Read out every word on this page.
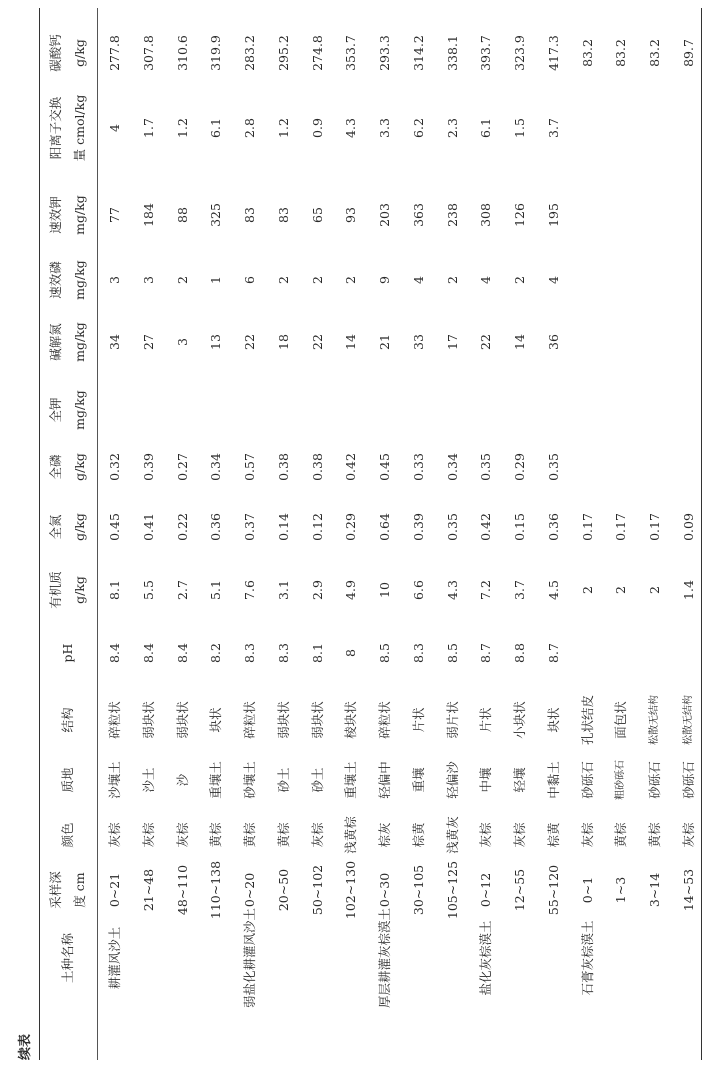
续表
土种名称
采样深 度 cm
颜色
质地
结构
pH
有机质 g/kg
全氮 g/kg
全磷 g/kg
全钾 mg/kg
碱解氮 mg/kg
速效磷 mg/kg
速效钾 mg/kg
阳离子交换 量 cmol/kg
碳酸钙 g/kg
耕灌风沙土
0~21
灰棕
沙壤土
碎粒状
8.4
8.1
0.45
0.32
34
3
77
4
277.8
21~48
灰棕
沙土
弱块状
8.4
5.5
0.41
0.39
27
3
184
1.7
307.8
48~110
灰棕
沙
弱块状
8.4
2.7
0.22
0.27
3
2
88
1.2
310.6
110~138
黄棕
重壤土
块状
8.2
5.1
0.36
0.34
13
1
325
6.1
319.9
弱盐化耕灌风沙土
0~20
黄棕
砂壤土
碎粒状
8.3
7.6
0.37
0.57
22
6
83
2.8
283.2
20~50
黄棕
砂土
弱块状
8.3
3.1
0.14
0.38
18
2
83
1.2
295.2
50~102
灰棕
砂土
弱块状
8.1
2.9
0.12
0.38
22
2
65
0.9
274.8
102~130
浅黄棕
重壤土
棱块状
8
4.9
0.29
0.42
14
2
93
4.3
353.7
厚层耕灌灰棕漠土
0~30
棕灰
轻偏中
碎粒状
8.5
10
0.64
0.45
21
9
203
3.3
293.3
30~105
棕黄
重壤
片状
8.3
6.6
0.39
0.33
33
4
363
6.2
314.2
105~125
浅黄灰
轻偏沙
弱片状
8.5
4.3
0.35
0.34
17
2
238
2.3
338.1
盐化灰棕漠土
0~12
灰棕
中壤
片状
8.7
7.2
0.42
0.35
22
4
308
6.1
393.7
12~55
灰棕
轻壤
小块状
8.8
3.7
0.15
0.29
14
2
126
1.5
323.9
55~120
棕黄
中黏土
块状
8.7
4.5
0.36
0.35
36
4
195
3.7
417.3
石膏灰棕漠土
0~1
灰棕
砂砾石
孔状结皮
2
0.17
83.2
1~3
黄棕
粗砂砾石
面包状
2
0.17
83.2
3~14
黄棕
砂砾石
松散无结构
2
0.17
83.2
14~53
灰棕
砂砾石
松散无结构
1.4
0.09
89.7
